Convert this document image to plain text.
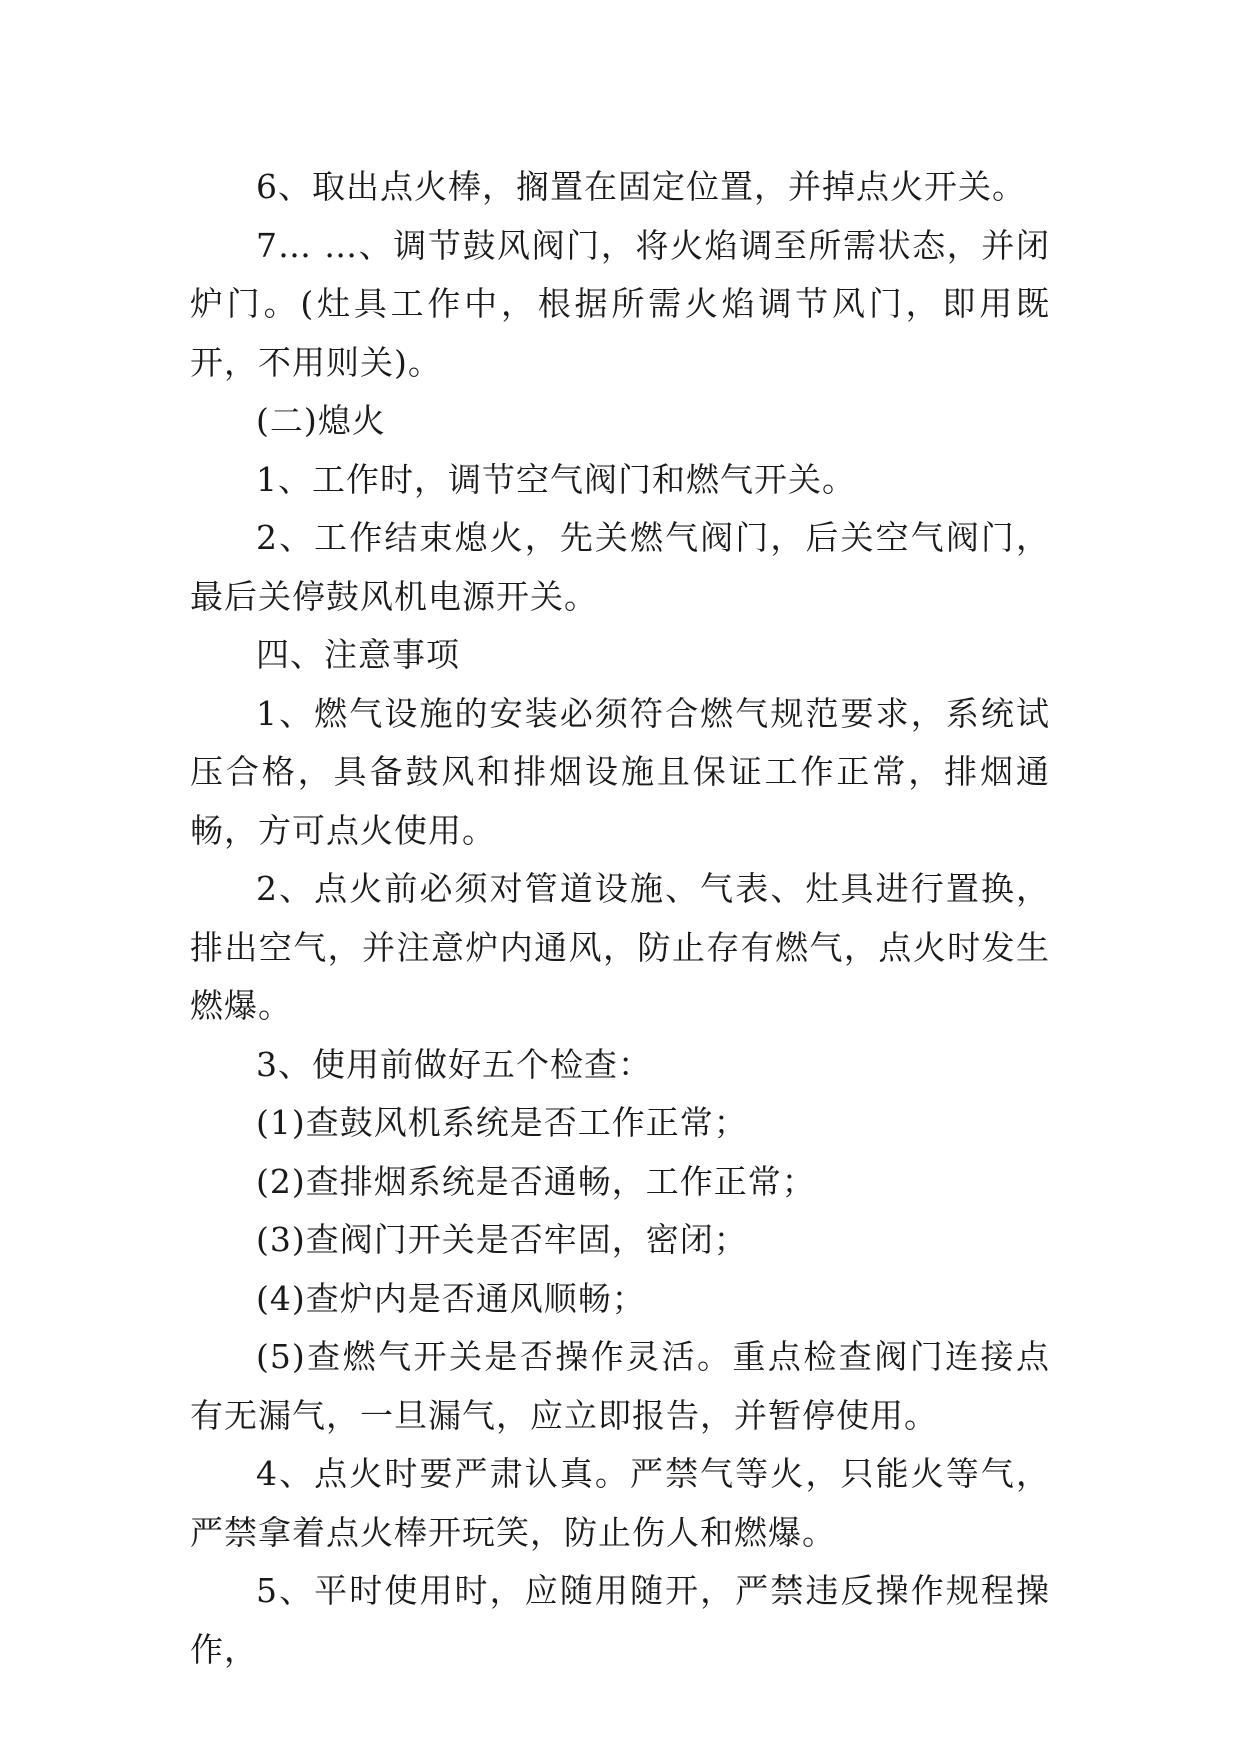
6、取出点火棒，搁置在固定位置，并掉点火开关。

7… …、调节鼓风阀门，将火焰调至所需状态，并闭炉门。(灶具工作中，根据所需火焰调节风门，即用既开，不用则关)。

(二)熄火

1、工作时，调节空气阀门和燃气开关。

2、工作结束熄火，先关燃气阀门，后关空气阀门，最后关停鼓风机电源开关。

四、注意事项

1、燃气设施的安装必须符合燃气规范要求，系统试压合格，具备鼓风和排烟设施且保证工作正常，排烟通畅，方可点火使用。

2、点火前必须对管道设施、气表、灶具进行置换，排出空气，并注意炉内通风，防止存有燃气，点火时发生燃爆。

3、使用前做好五个检查：

(1)查鼓风机系统是否工作正常；

(2)查排烟系统是否通畅，工作正常；

(3)查阀门开关是否牢固，密闭；

(4)查炉内是否通风顺畅；

(5)查燃气开关是否操作灵活。重点检查阀门连接点有无漏气，一旦漏气，应立即报告，并暂停使用。

4、点火时要严肃认真。严禁气等火，只能火等气，严禁拿着点火棒开玩笑，防止伤人和燃爆。

5、平时使用时，应随用随开，严禁违反操作规程操作，
